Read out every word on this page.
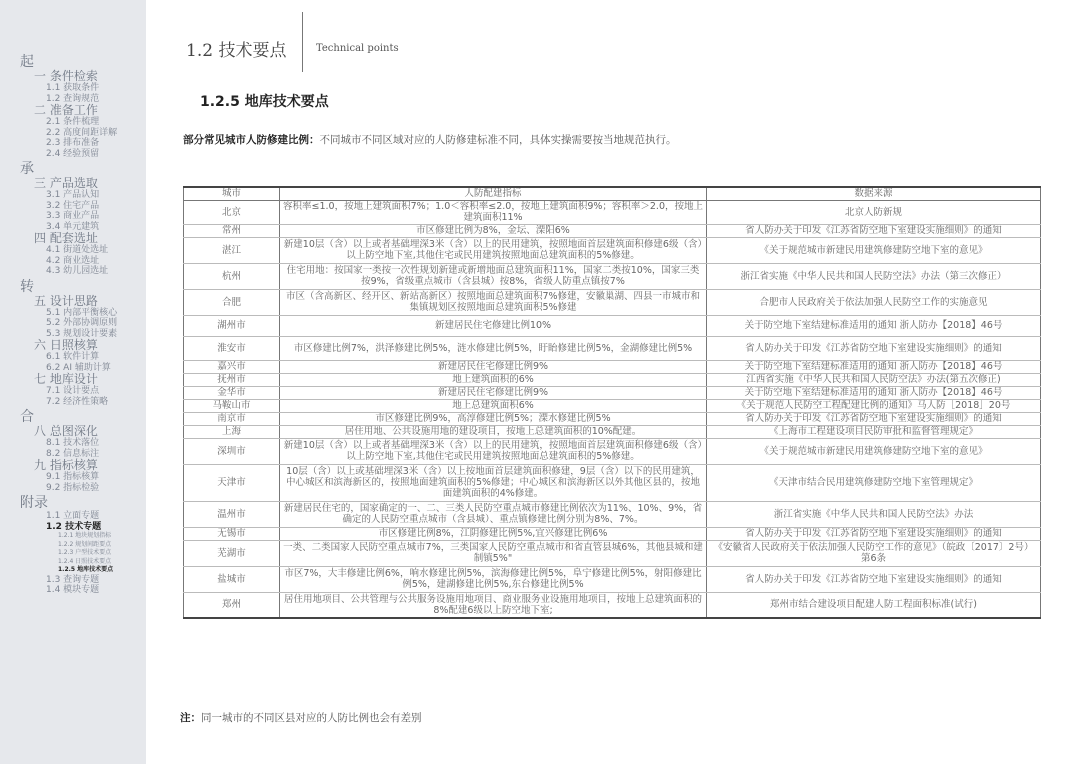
起
一 条件检索
1.1 获取条件
1.2 查询规范
二 准备工作
2.1 条件梳理
2.2 高度间距详解
2.3 排布准备
2.4 经验预留
承
三 产品选取
3.1 产品认知
3.2 住宅产品
3.3 商业产品
3.4 单元建筑
四 配套选址
4.1 街道处选址
4.2 商业选址
4.3 幼儿园选址
转
五 设计思路
5.1 内部平衡核心
5.2 外部协调原则
5.3 规划设计要素
六 日照核算
6.1 软件计算
6.2 AI 辅助计算
七 地库设计
7.1 设计要点
7.2 经济性策略
合
八 总图深化
8.1 技术落位
8.2 信息标注
九 指标核算
9.1 指标核算
9.2 指标检验
附录
1.1 立面专题
1.2 技术专题
1.2.1 地块规划指标
1.2.2 规划间距要点
1.2.3 户型技术要点
1.2.4 日照技术要点
1.2.5 地库技术要点
1.3 查询专题
1.4 模块专题
1.2 技术要点	Technical points
1.2.5 地库技术要点
部分常见城市人防修建比例：不同城市不同区域对应的人防修建标准不同，具体实操需要按当地规范执行。
城市	人防配建指标	数据来源
北京	容积率≤1.0，按地上建筑面积7%；1.0＜容积率≤2.0，按地上建筑面积9%；容积率＞2.0，按地上建筑面积11%	北京人防新规
常州	市区修建比例为8%，金坛、溧阳6%	省人防办关于印发《江苏省防空地下室建设实施细则》的通知
湛江	新建10层（含）以上或者基础埋深3米（含）以上的民用建筑，按照地面首层建筑面积修建6级（含）以上防空地下室,其他住宅或民用建筑按照地面总建筑面积的5%修建。	《关于规范城市新建民用建筑修建防空地下室的意见》
杭州	住宅用地：按国家一类按一次性规划新建或新增地面总建筑面积11%，国家二类按10%，国家三类按9%，省级重点城市（含县城）按8%，省级人防重点镇按7%	浙江省实施《中华人民共和国人民防空法》办法（第三次修正）
合肥	市区（含高新区、经开区、新站高新区）按照地面总建筑面积7%修建，安徽巢湖、四县一市城市和集镇规划区按照地面总建筑面积5%修建	合肥市人民政府关于依法加强人民防空工作的实施意见
湖州市	新建居民住宅修建比例10%	关于防空地下室结建标准适用的通知 浙人防办【2018】46号
淮安市	市区修建比例7%，洪泽修建比例5%，涟水修建比例5%，盱眙修建比例5%，金湖修建比例5%	省人防办关于印发《江苏省防空地下室建设实施细则》的通知
嘉兴市	新建居民住宅修建比例9%	关于防空地下室结建标准适用的通知 浙人防办【2018】46号
抚州市	地上建筑面积的6%	江西省实施《中华人民共和国人民防空法》办法(第五次修正)
金华市	新建居民住宅修建比例9%	关于防空地下室结建标准适用的通知 浙人防办【2018】46号
马鞍山市	地上总建筑面积6%	《关于规范人民防空工程配建比例的通知》马人防［2018］20号
南京市	市区修建比例9%，高淳修建比例5%；溧水修建比例5%	省人防办关于印发《江苏省防空地下室建设实施细则》的通知
上海	居住用地、公共设施用地的建设项目，按地上总建筑面积的10%配建。	《上海市工程建设项目民防审批和监督管理规定》
深圳市	新建10层（含）以上或者基础埋深3米（含）以上的民用建筑，按照地面首层建筑面积修建6级（含）以上防空地下室,其他住宅或民用建筑按照地面总建筑面积的5%修建。	《关于规范城市新建民用建筑修建防空地下室的意见》
天津市	10层（含）以上或基础埋深3米（含）以上按地面首层建筑面积修建，9层（含）以下的民用建筑，中心城区和滨海新区的，按照地面建筑面积的5%修建；中心城区和滨海新区以外其他区县的，按地面建筑面积的4%修建。	《天津市结合民用建筑修建防空地下室管理规定》
温州市	新建居民住宅的，国家确定的一、二、三类人民防空重点城市修建比例依次为11%、10%、9%，省确定的人民防空重点城市（含县城）、重点镇修建比例分别为8%、7%。	浙江省实施《中华人民共和国人民防空法》办法
无锡市	市区修建比例8%，江阴修建比例5%,宜兴修建比例6%	省人防办关于印发《江苏省防空地下室建设实施细则》的通知
芜湖市	一类、二类国家人民防空重点城市7%，三类国家人民防空重点城市和省直管县城6%，其他县城和建制镇5%"	《安徽省人民政府关于依法加强人民防空工作的意见》（皖政〔2017〕2号）第6条
盐城市	市区7%，大丰修建比例6%，响水修建比例5%，滨海修建比例5%，阜宁修建比例5%，射阳修建比例5%，建湖修建比例5%,东台修建比例5%	省人防办关于印发《江苏省防空地下室建设实施细则》的通知
郑州	居住用地项目、公共管理与公共服务设施用地项目、商业服务业设施用地项目，按地上总建筑面积的8%配建6级以上防空地下室;	郑州市结合建设项目配建人防工程面积标准(试行)
注：同一城市的不同区县对应的人防比例也会有差别
